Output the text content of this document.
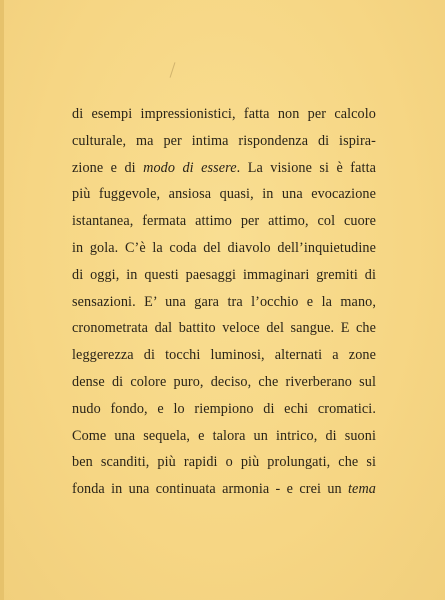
di esempi impressionistici, fatta non per calcolo
culturale, ma per intima rispondenza di ispira-
zione e di modo di essere. La visione si è fatta
più fuggevole, ansiosa quasi, in una evocazione
istantanea, fermata attimo per attimo, col cuore
in gola. C’è la coda del diavolo dell’inquietudine
di oggi, in questi paesaggi immaginari gremiti di
sensazioni. E’ una gara tra l’occhio e la mano,
cronometrata dal battito veloce del sangue. E che
leggerezza di tocchi luminosi, alternati a zone
dense di colore puro, deciso, che riverberano sul
nudo fondo, e lo riempiono di echi cromatici.
Come una sequela, e talora un intrico, di suoni
ben scanditi, più rapidi o più prolungati, che si
fonda in una continuata armonia - e crei un tema
